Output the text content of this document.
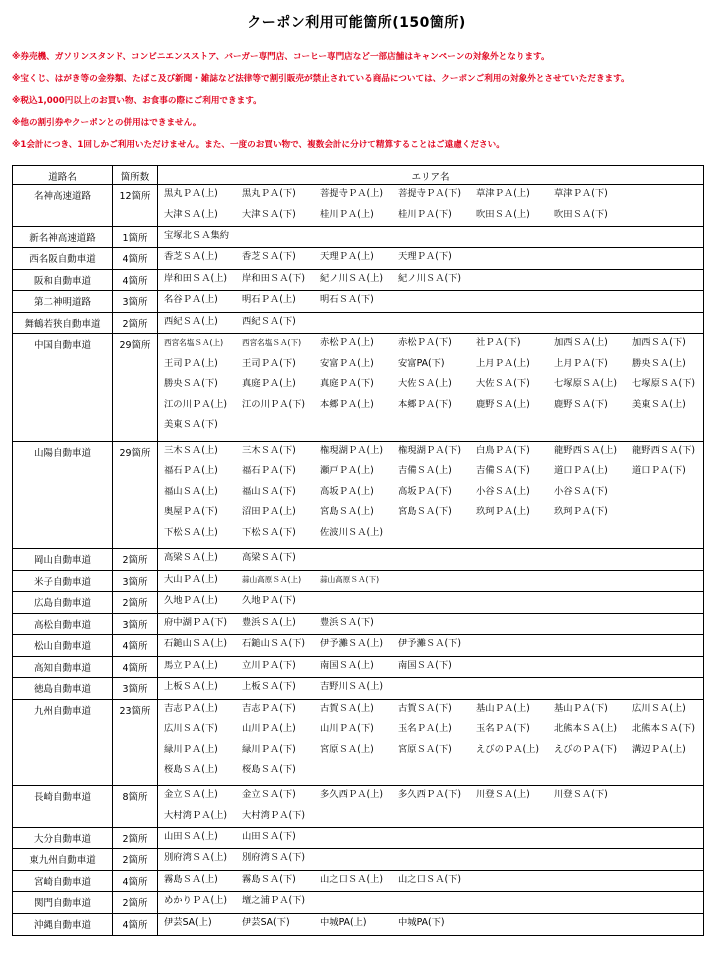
クーポン利用可能箇所(150箇所)
※券売機、ガソリンスタンド、コンビニエンスストア、バーガー専門店、コーヒー専門店など一部店舗はキャンペーンの対象外となります。
※宝くじ、はがき等の金券類、たばこ及び新聞・雑誌など法律等で割引販売が禁止されている商品については、クーポンご利用の対象外とさせていただきます。
※税込1,000円以上のお買い物、お食事の際にご利用できます。
※他の割引券やクーポンとの併用はできません。
※1会計につき、1回しかご利用いただけません。また、一度のお買い物で、複数会計に分けて精算することはご遠慮ください。
道路名	箇所数	エリア名
名神高速道路	12箇所	黒丸ＰＡ(上)	黒丸ＰＡ(下)	菩提寺ＰＡ(上)	菩提寺ＰＡ(下)	草津ＰＡ(上)	草津ＰＡ(下)
大津ＳＡ(上)	大津ＳＡ(下)	桂川ＰＡ(上)	桂川ＰＡ(下)	吹田ＳＡ(上)	吹田ＳＡ(下)
新名神高速道路	1箇所	宝塚北ＳＡ集約
西名阪自動車道	4箇所	香芝ＳＡ(上)	香芝ＳＡ(下)	天理ＰＡ(上)	天理ＰＡ(下)
阪和自動車道	4箇所	岸和田ＳＡ(上)	岸和田ＳＡ(下)	紀ノ川ＳＡ(上)	紀ノ川ＳＡ(下)
第二神明道路	3箇所	名谷ＰＡ(上)	明石ＰＡ(上)	明石ＳＡ(下)
舞鶴若狭自動車道	2箇所	西紀ＳＡ(上)	西紀ＳＡ(下)
中国自動車道	29箇所	西宮名塩ＳＡ(上)	西宮名塩ＳＡ(下)	赤松ＰＡ(上)	赤松ＰＡ(下)	社ＰＡ(下)	加西ＳＡ(上)	加西ＳＡ(下)
王司ＰＡ(上)	王司ＰＡ(下)	安富ＰＡ(上)	安富PA(下)	上月ＰＡ(上)	上月ＰＡ(下)	勝央ＳＡ(上)
勝央ＳＡ(下)	真庭ＰＡ(上)	真庭ＰＡ(下)	大佐ＳＡ(上)	大佐ＳＡ(下)	七塚原ＳＡ(上)	七塚原ＳＡ(下)
江の川ＰＡ(上)	江の川ＰＡ(下)	本郷ＰＡ(上)	本郷ＰＡ(下)	鹿野ＳＡ(上)	鹿野ＳＡ(下)	美東ＳＡ(上)
美東ＳＡ(下)
山陽自動車道	29箇所	三木ＳＡ(上)	三木ＳＡ(下)	権現湖ＰＡ(上)	権現湖ＰＡ(下)	白鳥ＰＡ(下)	龍野西ＳＡ(上)	龍野西ＳＡ(下)
福石ＰＡ(上)	福石ＰＡ(下)	瀬戸ＰＡ(上)	吉備ＳＡ(上)	吉備ＳＡ(下)	道口ＰＡ(上)	道口ＰＡ(下)
福山ＳＡ(上)	福山ＳＡ(下)	高坂ＰＡ(上)	高坂ＰＡ(下)	小谷ＳＡ(上)	小谷ＳＡ(下)
奥屋ＰＡ(下)	沼田ＰＡ(上)	宮島ＳＡ(上)	宮島ＳＡ(下)	玖珂ＰＡ(上)	玖珂ＰＡ(下)
下松ＳＡ(上)	下松ＳＡ(下)	佐波川ＳＡ(上)
岡山自動車道	2箇所	高梁ＳＡ(上)	高梁ＳＡ(下)
米子自動車道	3箇所	大山ＰＡ(上)	蒜山高原ＳＡ(上)	蒜山高原ＳＡ(下)
広島自動車道	2箇所	久地ＰＡ(上)	久地ＰＡ(下)
高松自動車道	3箇所	府中湖ＰＡ(下)	豊浜ＳＡ(上)	豊浜ＳＡ(下)
松山自動車道	4箇所	石鎚山ＳＡ(上)	石鎚山ＳＡ(下)	伊予灘ＳＡ(上)	伊予灘ＳＡ(下)
高知自動車道	4箇所	馬立ＰＡ(上)	立川ＰＡ(下)	南国ＳＡ(上)	南国ＳＡ(下)
徳島自動車道	3箇所	上板ＳＡ(上)	上板ＳＡ(下)	吉野川ＳＡ(上)
九州自動車道	23箇所	吉志ＰＡ(上)	吉志ＰＡ(下)	古賀ＳＡ(上)	古賀ＳＡ(下)	基山ＰＡ(上)	基山ＰＡ(下)	広川ＳＡ(上)
広川ＳＡ(下)	山川ＰＡ(上)	山川ＰＡ(下)	玉名ＰＡ(上)	玉名ＰＡ(下)	北熊本ＳＡ(上)	北熊本ＳＡ(下)
緑川ＰＡ(上)	緑川ＰＡ(下)	宮原ＳＡ(上)	宮原ＳＡ(下)	えびのＰＡ(上)	えびのＰＡ(下)	溝辺ＰＡ(上)
桜島ＳＡ(上)	桜島ＳＡ(下)
長崎自動車道	8箇所	金立ＳＡ(上)	金立ＳＡ(下)	多久西ＰＡ(上)	多久西ＰＡ(下)	川登ＳＡ(上)	川登ＳＡ(下)
大村湾ＰＡ(上)	大村湾ＰＡ(下)
大分自動車道	2箇所	山田ＳＡ(上)	山田ＳＡ(下)
東九州自動車道	2箇所	別府湾ＳＡ(上)	別府湾ＳＡ(下)
宮崎自動車道	4箇所	霧島ＳＡ(上)	霧島ＳＡ(下)	山之口ＳＡ(上)	山之口ＳＡ(下)
関門自動車道	2箇所	めかりＰＡ(上)	壇之浦ＰＡ(下)
沖縄自動車道	4箇所	伊芸SA(上)	伊芸SA(下)	中城PA(上)	中城PA(下)
